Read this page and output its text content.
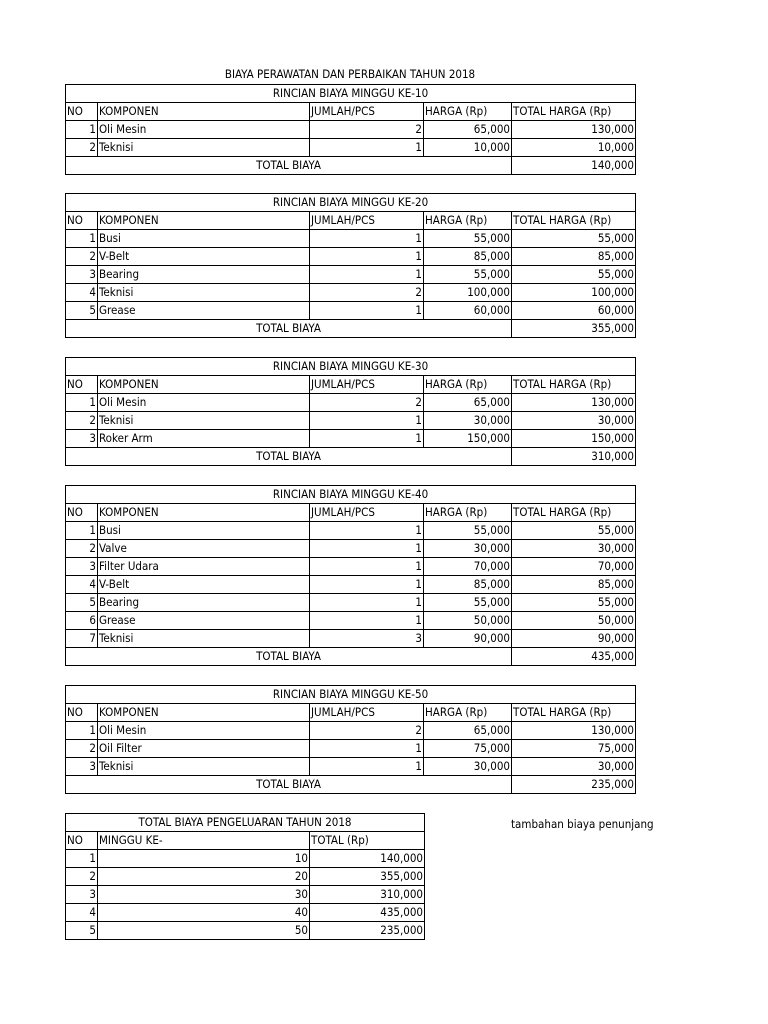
BIAYA PERAWATAN DAN PERBAIKAN TAHUN 2018
RINCIAN BIAYA MINGGU KE-10				
NO	KOMPONEN	JUMLAH/PCS	HARGA (Rp)	TOTAL HARGA (Rp)
1	Oli Mesin	2	65,000	130,000
2	Teknisi	1	10,000	10,000
TOTAL BIAYA				140,000
RINCIAN BIAYA MINGGU KE-20				
NO	KOMPONEN	JUMLAH/PCS	HARGA (Rp)	TOTAL HARGA (Rp)
1	Busi	1	55,000	55,000
2	V-Belt	1	85,000	85,000
3	Bearing	1	55,000	55,000
4	Teknisi	2	100,000	100,000
5	Grease	1	60,000	60,000
TOTAL BIAYA				355,000
RINCIAN BIAYA MINGGU KE-30				
NO	KOMPONEN	JUMLAH/PCS	HARGA (Rp)	TOTAL HARGA (Rp)
1	Oli Mesin	2	65,000	130,000
2	Teknisi	1	30,000	30,000
3	Roker Arm	1	150,000	150,000
TOTAL BIAYA				310,000
RINCIAN BIAYA MINGGU KE-40				
NO	KOMPONEN	JUMLAH/PCS	HARGA (Rp)	TOTAL HARGA (Rp)
1	Busi	1	55,000	55,000
2	Valve	1	30,000	30,000
3	Filter Udara	1	70,000	70,000
4	V-Belt	1	85,000	85,000
5	Bearing	1	55,000	55,000
6	Grease	1	50,000	50,000
7	Teknisi	3	90,000	90,000
TOTAL BIAYA				435,000
RINCIAN BIAYA MINGGU KE-50				
NO	KOMPONEN	JUMLAH/PCS	HARGA (Rp)	TOTAL HARGA (Rp)
1	Oli Mesin	2	65,000	130,000
2	Oil Filter	1	75,000	75,000
3	Teknisi	1	30,000	30,000
TOTAL BIAYA				235,000
TOTAL BIAYA PENGELUARAN TAHUN 2018		
NO	MINGGU KE-	TOTAL (Rp)
1	10	140,000
2	20	355,000
3	30	310,000
4	40	435,000
5	50	235,000
tambahan biaya penunjang
